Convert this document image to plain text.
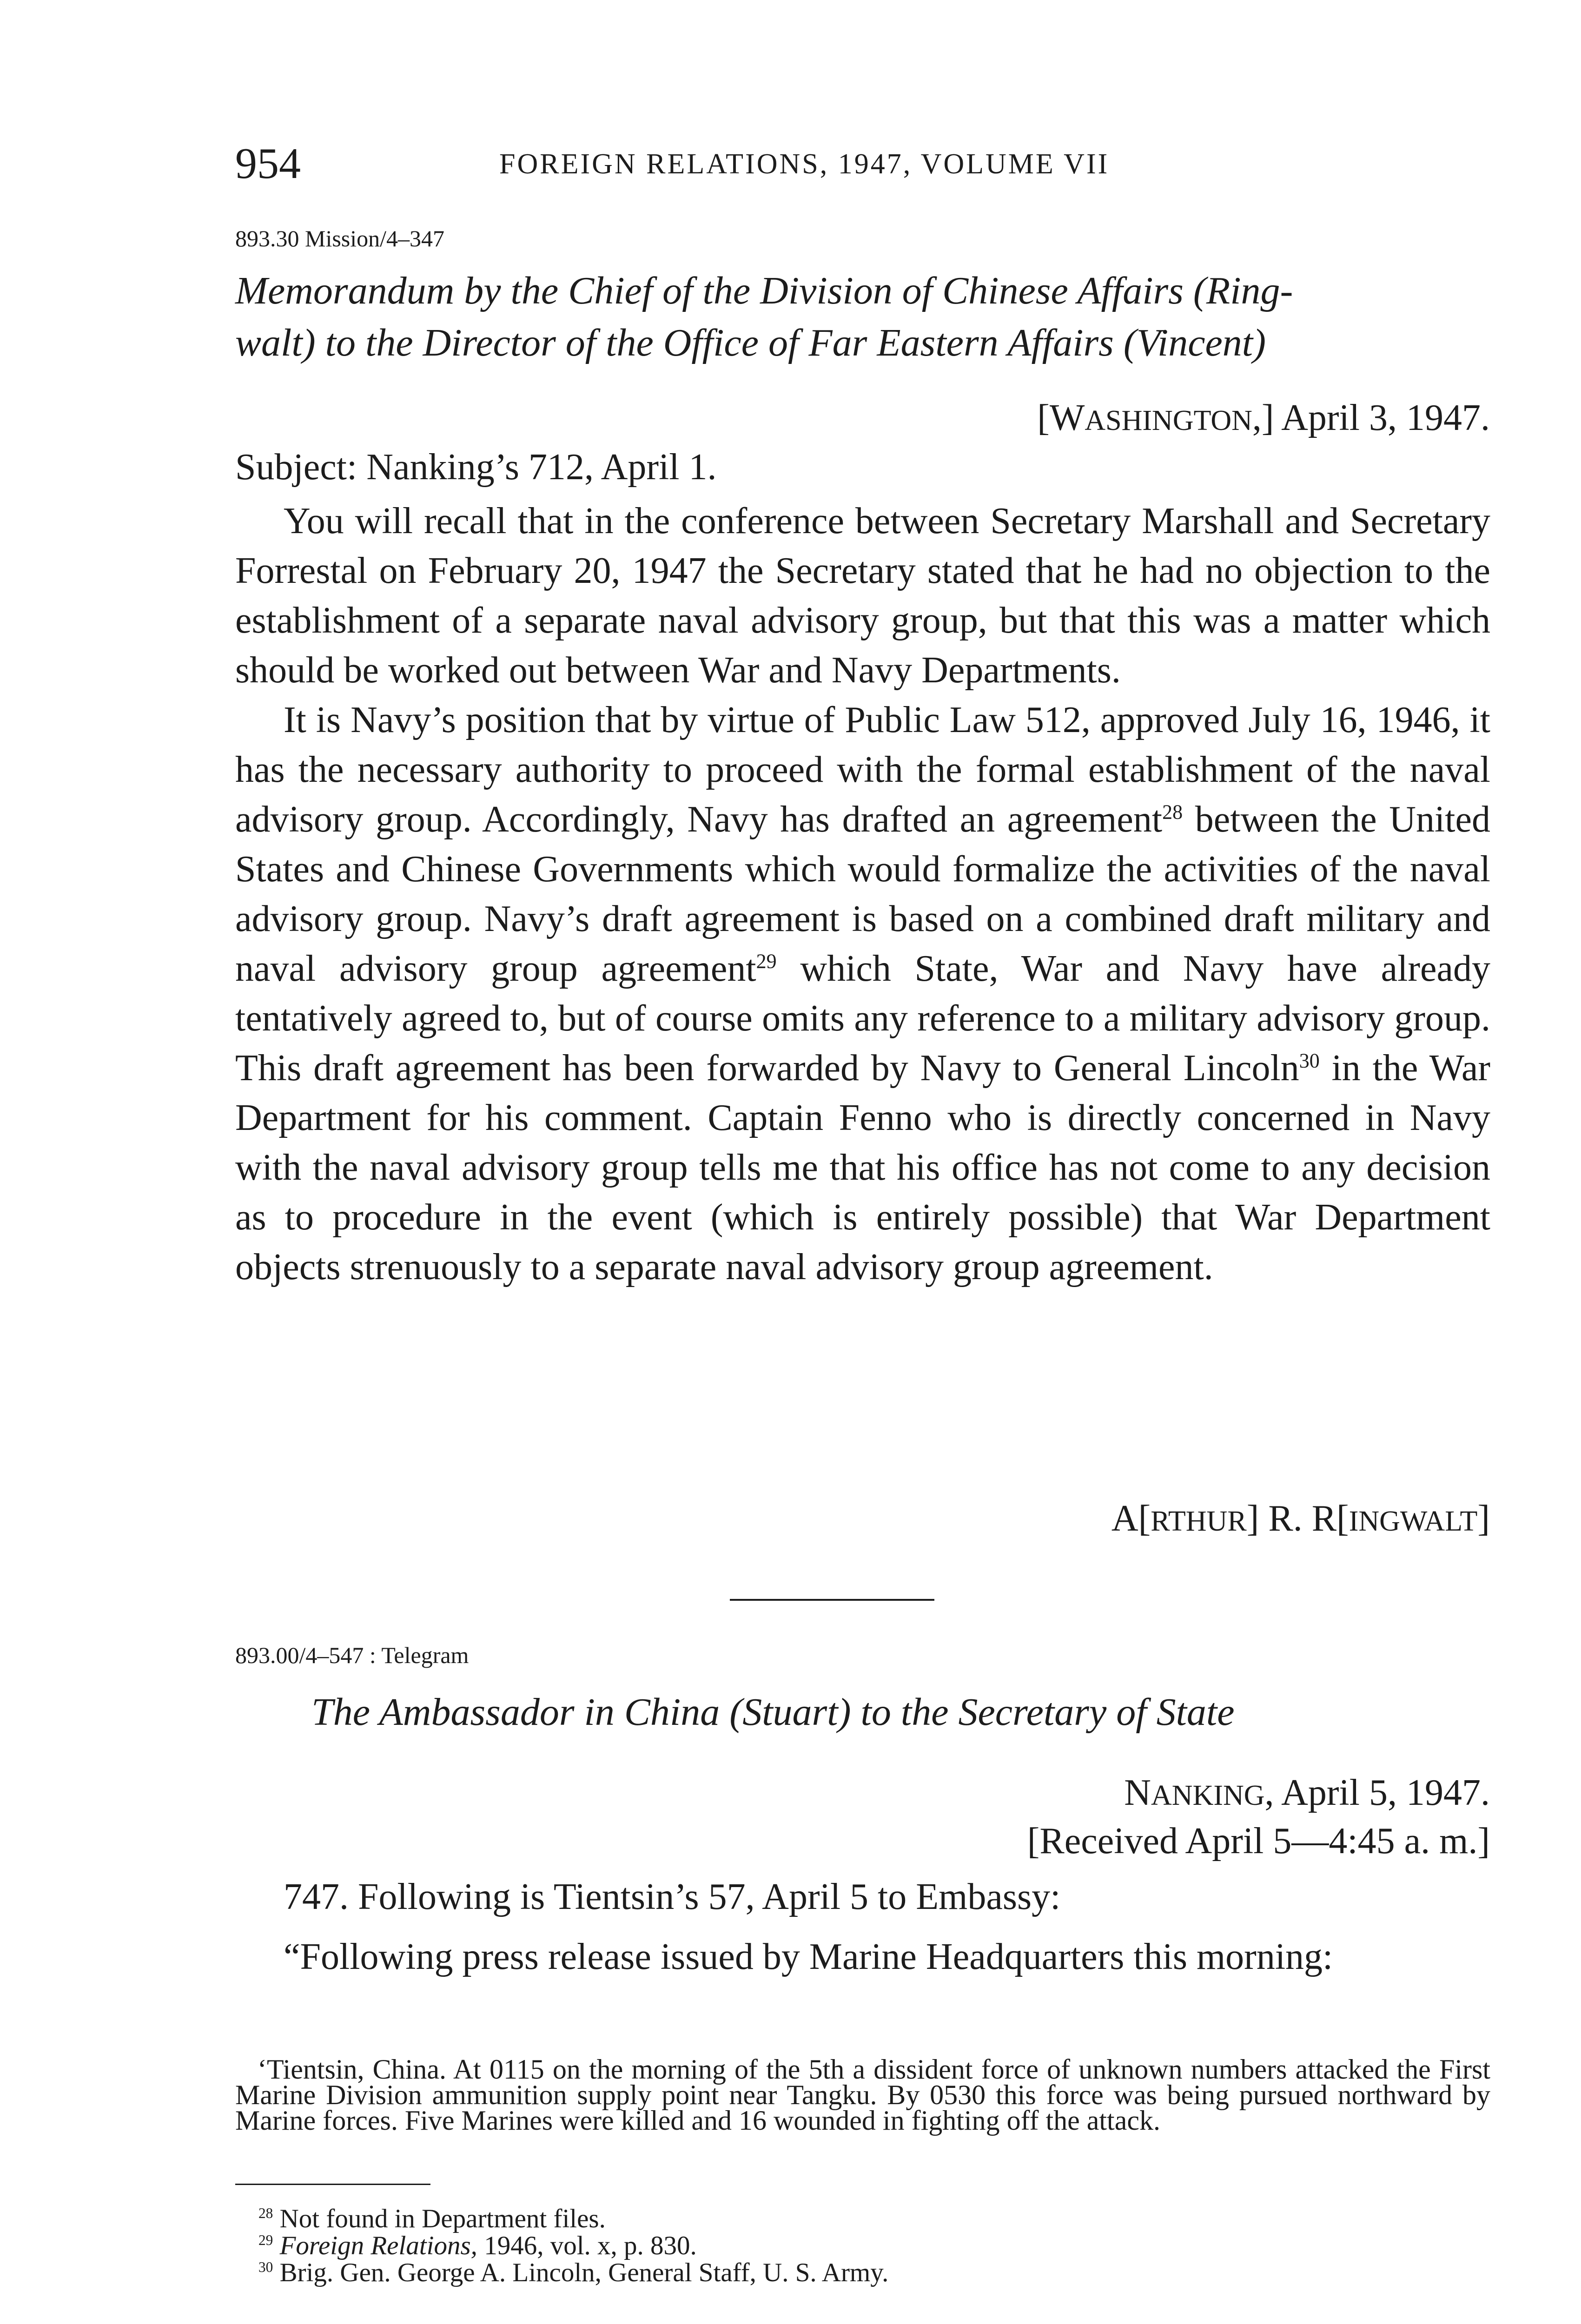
954	FOREIGN RELATIONS, 1947, VOLUME VII
893.30 Mission/4–347
Memorandum by the Chief of the Division of Chinese Affairs (Ring-
walt) to the Director of the Office of Far Eastern Affairs (Vincent)
[WASHINGTON,] April 3, 1947.
Subject: Nanking’s 712, April 1.

You will recall that in the conference between Secretary Marshall and Secretary Forrestal on February 20, 1947 the Secretary stated that he had no objection to the establishment of a separate naval advisory group, but that this was a matter which should be worked out between War and Navy Departments.

It is Navy’s position that by virtue of Public Law 512, approved July 16, 1946, it has the necessary authority to proceed with the formal establishment of the naval advisory group. Accordingly, Navy has drafted an agreement$^{28}$ between the United States and Chinese Governments which would formalize the activities of the naval advisory group. Navy’s draft agreement is based on a combined draft military and naval advisory group agreement$^{29}$ which State, War and Navy have already tentatively agreed to, but of course omits any reference to a military advisory group. This draft agreement has been forwarded by Navy to General Lincoln$^{30}$ in the War Department for his comment. Captain Fenno who is directly concerned in Navy with the naval advisory group tells me that his office has not come to any decision as to procedure in the event (which is entirely possible) that War Department objects strenuously to a separate naval advisory group agreement.

A[RTHUR] R. R[INGWALT]
893.00/4–547 : Telegram
The Ambassador in China (Stuart) to the Secretary of State
NANKING, April 5, 1947.
[Received April 5—4:45 a. m.]

747. Following is Tientsin’s 57, April 5 to Embassy:

“Following press release issued by Marine Headquarters this morning:

‘Tientsin, China. At 0115 on the morning of the 5th a dissident force of unknown numbers attacked the First Marine Division ammunition supply point near Tangku. By 0530 this force was being pursued northward by Marine forces. Five Marines were killed and 16 wounded in fighting off the attack.

$^{28}$ Not found in Department files.

$^{29}$ Foreign Relations, 1946, vol. x, p. 830.

$^{30}$ Brig. Gen. George A. Lincoln, General Staff, U. S. Army.
